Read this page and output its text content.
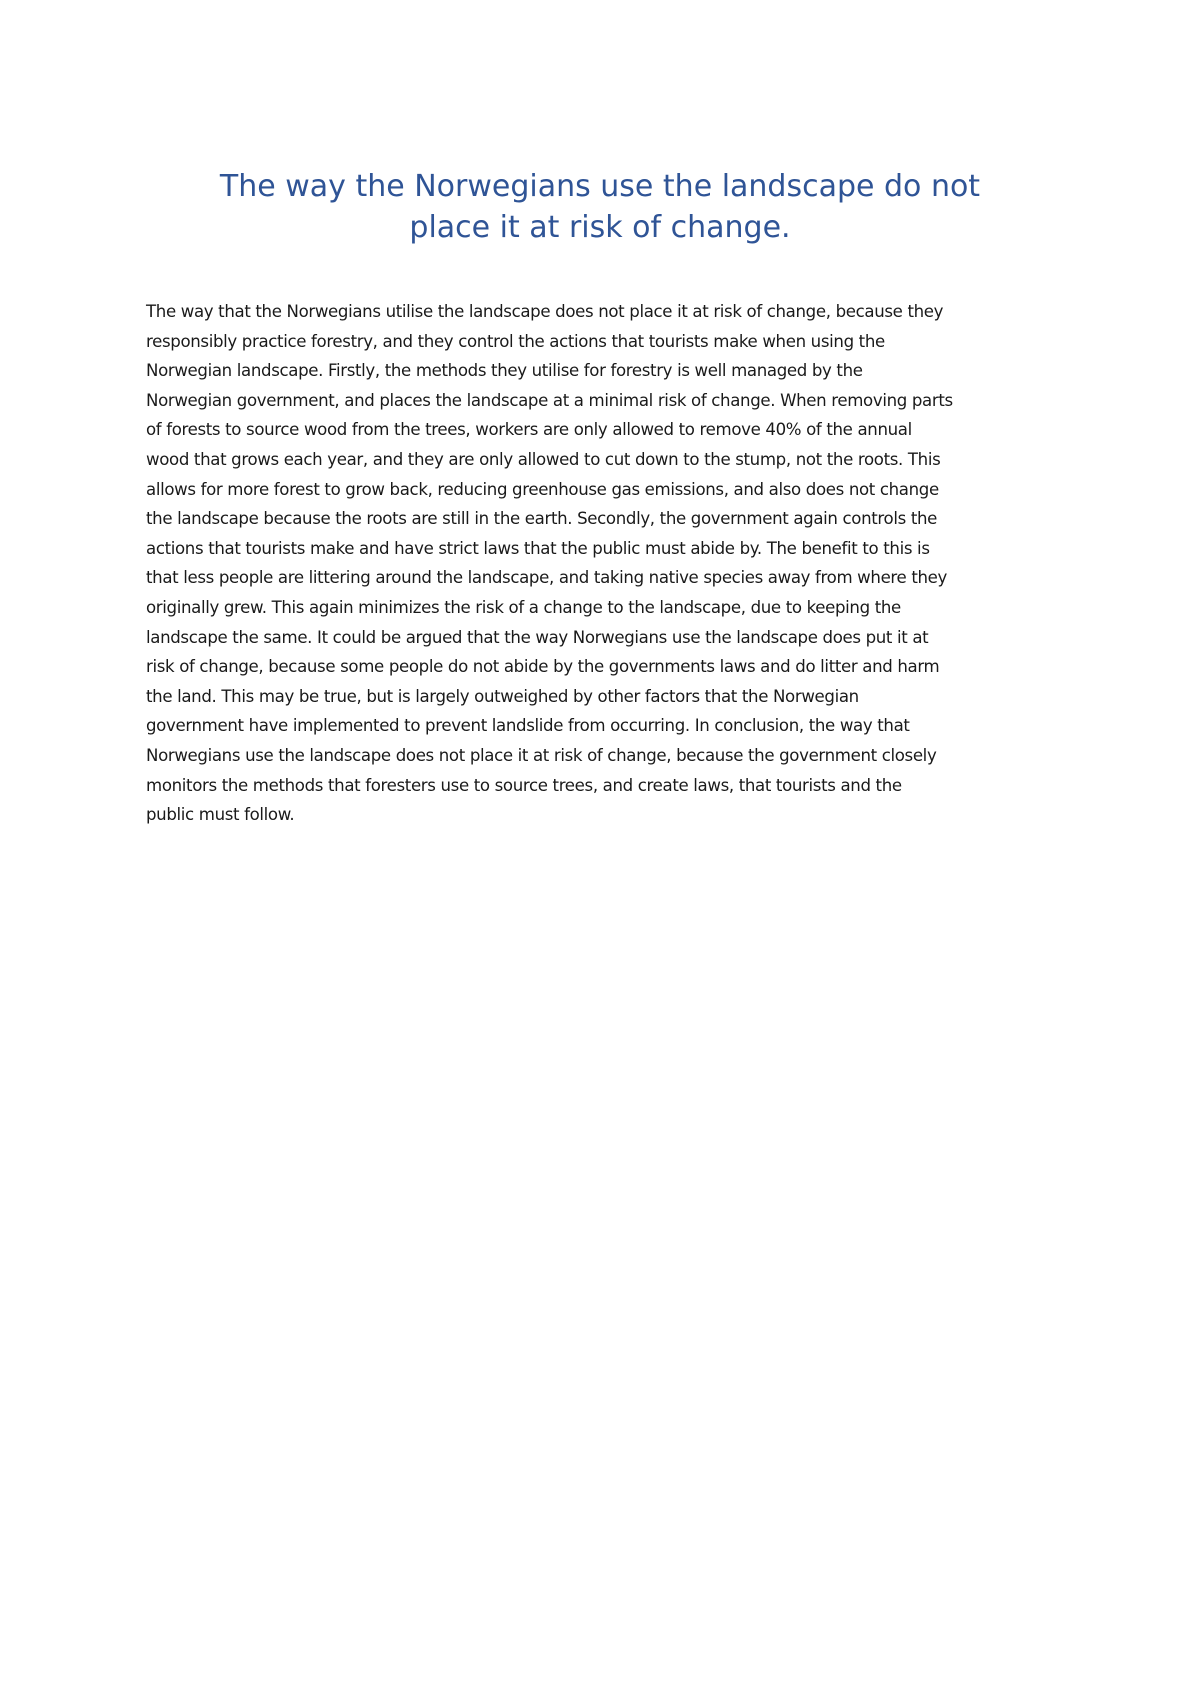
The way the Norwegians use the landscape do not
place it at risk of change.

The way that the Norwegians utilise the landscape does not place it at risk of change, because they
responsibly practice forestry, and they control the actions that tourists make when using the
Norwegian landscape. Firstly, the methods they utilise for forestry is well managed by the
Norwegian government, and places the landscape at a minimal risk of change. When removing parts
of forests to source wood from the trees, workers are only allowed to remove 40% of the annual
wood that grows each year, and they are only allowed to cut down to the stump, not the roots. This
allows for more forest to grow back, reducing greenhouse gas emissions, and also does not change
the landscape because the roots are still in the earth. Secondly, the government again controls the
actions that tourists make and have strict laws that the public must abide by. The benefit to this is
that less people are littering around the landscape, and taking native species away from where they
originally grew. This again minimizes the risk of a change to the landscape, due to keeping the
landscape the same. It could be argued that the way Norwegians use the landscape does put it at
risk of change, because some people do not abide by the governments laws and do litter and harm
the land. This may be true, but is largely outweighed by other factors that the Norwegian
government have implemented to prevent landslide from occurring. In conclusion, the way that
Norwegians use the landscape does not place it at risk of change, because the government closely
monitors the methods that foresters use to source trees, and create laws, that tourists and the
public must follow.
